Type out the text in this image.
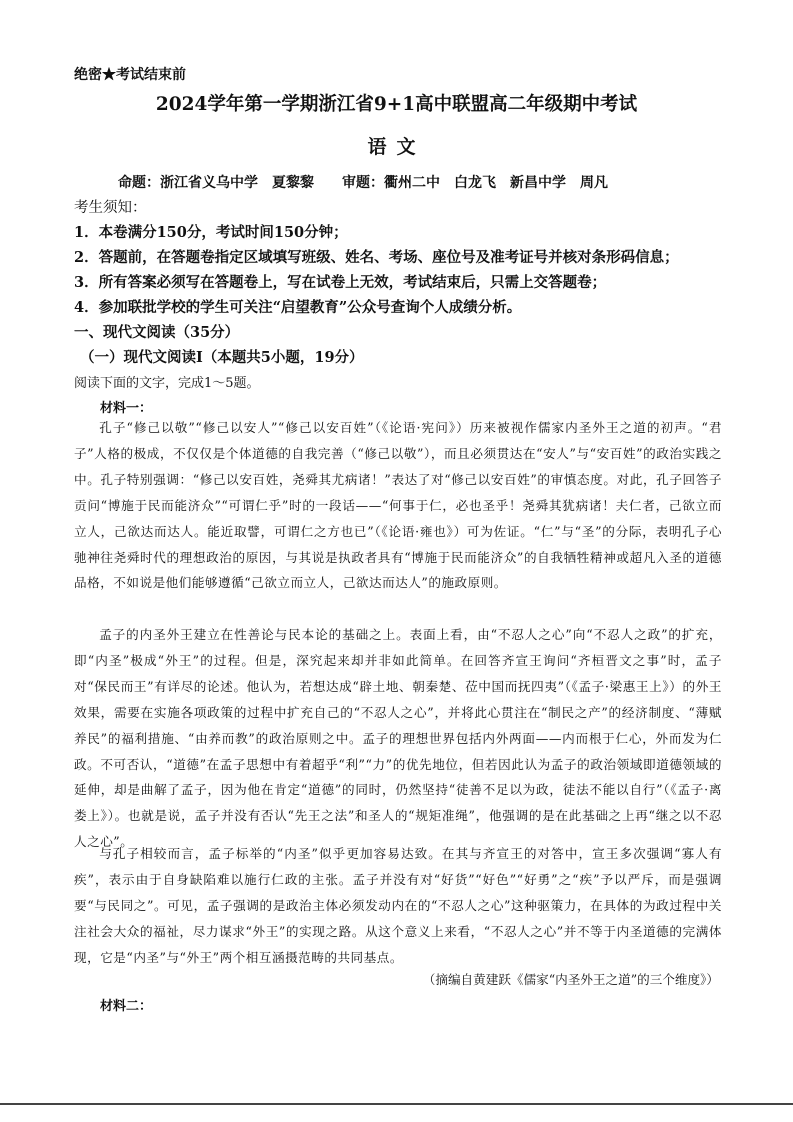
绝密★考试结束前
2024学年第一学期浙江省9+1高中联盟高二年级期中考试
语文
命题：浙江省义乌中学　夏黎黎　　审题：衢州二中　白龙飞　新昌中学　周凡
考生须知：
1．本卷满分150分，考试时间150分钟；
2．答题前，在答题卷指定区域填写班级、姓名、考场、座位号及准考证号并核对条形码信息；
3．所有答案必须写在答题卷上，写在试卷上无效，考试结束后，只需上交答题卷；
4．参加联批学校的学生可关注“启望教育”公众号查询个人成绩分析。
一、现代文阅读（35分）
（一）现代文阅读Ⅰ（本题共5小题，19分）
阅读下面的文字，完成1～5题。
材料一：
孔子“修己以敬”“修己以安人”“修己以安百姓”（《论语·宪问》）历来被视作儒家内圣外王之道的初声。“君子”人格的极成，不仅仅是个体道德的自我完善（“修己以敬”），而且必须贯达在“安人”与“安百姓”的政治实践之中。孔子特别强调：“修己以安百姓，尧舜其尤病诸！”表达了对“修己以安百姓”的审慎态度。对此，孔子回答子贡问“博施于民而能济众”“可谓仁乎”时的一段话——“何事于仁，必也圣乎！尧舜其犹病诸！夫仁者，己欲立而立人，己欲达而达人。能近取譬，可谓仁之方也已”（《论语·雍也》）可为佐证。“仁”与“圣”的分际，表明孔子心驰神往尧舜时代的理想政治的原因，与其说是执政者具有“博施于民而能济众”的自我牺牲精神或超凡入圣的道德品格，不如说是他们能够遵循“己欲立而立人，己欲达而达人”的施政原则。
孟子的内圣外王建立在性善论与民本论的基础之上。表面上看，由“不忍人之心”向“不忍人之政”的扩充，即“内圣”极成“外王”的过程。但是，深究起来却并非如此简单。在回答齐宣王询问“齐桓晋文之事”时，孟子对“保民而王”有详尽的论述。他认为，若想达成“辟土地、朝秦楚、莅中国而抚四夷”（《孟子·梁惠王上》）的外王效果，需要在实施各项政策的过程中扩充自己的“不忍人之心”，并将此心贯注在“制民之产”的经济制度、“薄赋养民”的福利措施、“由养而教”的政治原则之中。孟子的理想世界包括内外两面——内而根于仁心，外而发为仁政。不可否认，“道德”在孟子思想中有着超乎“利”“力”的优先地位，但若因此认为孟子的政治领域即道德领域的延伸，却是曲解了孟子，因为他在肯定“道德”的同时，仍然坚持“徒善不足以为政，徒法不能以自行”（《孟子·离娄上》）。也就是说，孟子并没有否认“先王之法”和圣人的“规矩准绳”，他强调的是在此基础之上再“继之以不忍人之心”。
与孔子相较而言，孟子标举的“内圣”似乎更加容易达致。在其与齐宣王的对答中，宣王多次强调“寡人有疾”，表示由于自身缺陷难以施行仁政的主张。孟子并没有对“好货”“好色”“好勇”之“疾”予以严斥，而是强调要“与民同之”。可见，孟子强调的是政治主体必须发动内在的“不忍人之心”这种驱策力，在具体的为政过程中关注社会大众的福祉，尽力谋求“外王”的实现之路。从这个意义上来看，“不忍人之心”并不等于内圣道德的完满体现，它是“内圣”与“外王”两个相互涵摄范畴的共同基点。
（摘编自黄建跃《儒家“内圣外王之道”的三个维度》）
材料二：
